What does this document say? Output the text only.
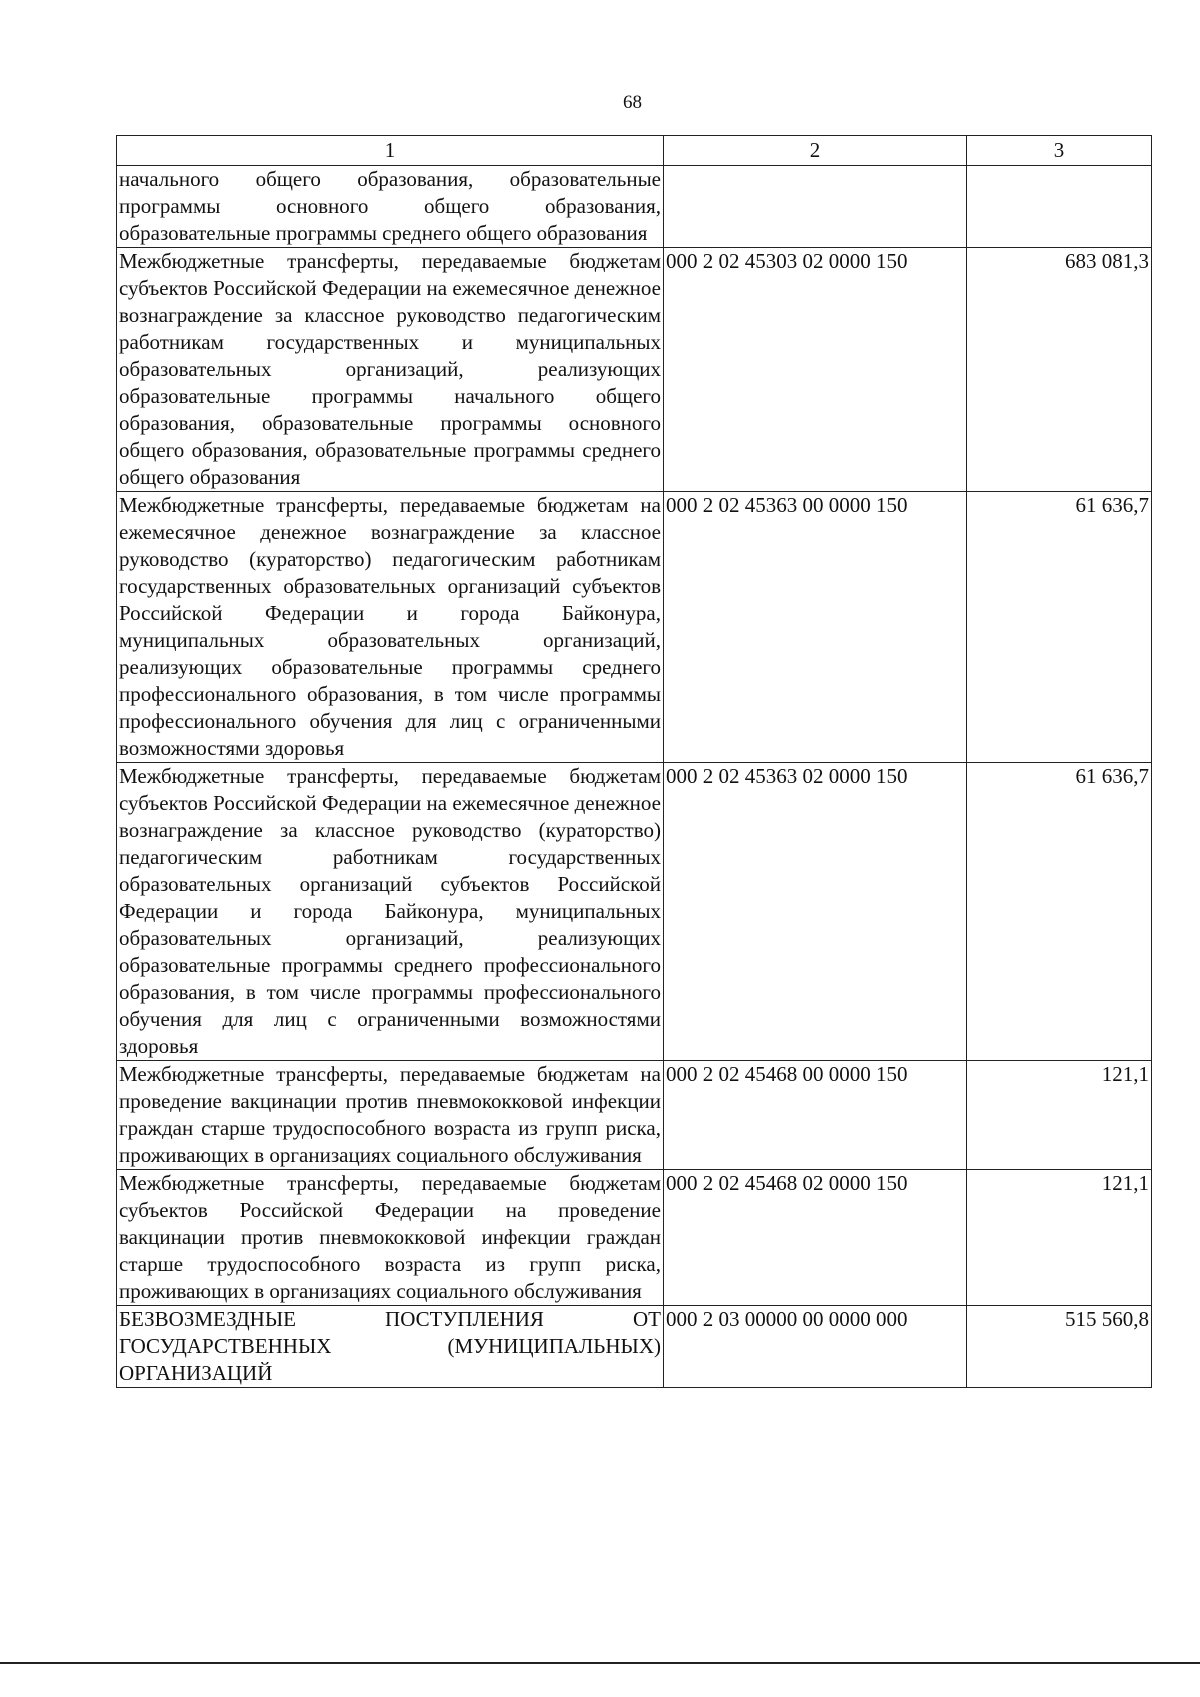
68
1	2	3
начального общего образования, образовательные программы основного общего образования, образовательные программы среднего общего образования		
Межбюджетные трансферты, передаваемые бюджетам субъектов Российской Федерации на ежемесячное денежное вознаграждение за классное руководство педагогическим работникам государственных и муниципальных образовательных организаций, реализующих образовательные программы начального общего образования, образовательные программы основного общего образования, образовательные программы среднего общего образования	000 2 02 45303 02 0000 150	683 081,3
Межбюджетные трансферты, передаваемые бюджетам на ежемесячное денежное вознаграждение за классное руководство (кураторство) педагогическим работникам государственных образовательных организаций субъектов Российской Федерации и города Байконура, муниципальных образовательных организаций, реализующих образовательные программы среднего профессионального образования, в том числе программы профессионального обучения для лиц с ограниченными возможностями здоровья	000 2 02 45363 00 0000 150	61 636,7
Межбюджетные трансферты, передаваемые бюджетам субъектов Российской Федерации на ежемесячное денежное вознаграждение за классное руководство (кураторство) педагогическим работникам государственных образовательных организаций субъектов Российской Федерации и города Байконура, муниципальных образовательных организаций, реализующих образовательные программы среднего профессионального образования, в том числе программы профессионального обучения для лиц с ограниченными возможностями здоровья	000 2 02 45363 02 0000 150	61 636,7
Межбюджетные трансферты, передаваемые бюджетам на проведение вакцинации против пневмококковой инфекции граждан старше трудоспособного возраста из групп риска, проживающих в организациях социального обслуживания	000 2 02 45468 00 0000 150	121,1
Межбюджетные трансферты, передаваемые бюджетам субъектов Российской Федерации на проведение вакцинации против пневмококковой инфекции граждан старше трудоспособного возраста из групп риска, проживающих в организациях социального обслуживания	000 2 02 45468 02 0000 150	121,1
БЕЗВОЗМЕЗДНЫЕ ПОСТУПЛЕНИЯ ОТ ГОСУДАРСТВЕННЫХ (МУНИЦИПАЛЬНЫХ) ОРГАНИЗАЦИЙ	000 2 03 00000 00 0000 000	515 560,8
